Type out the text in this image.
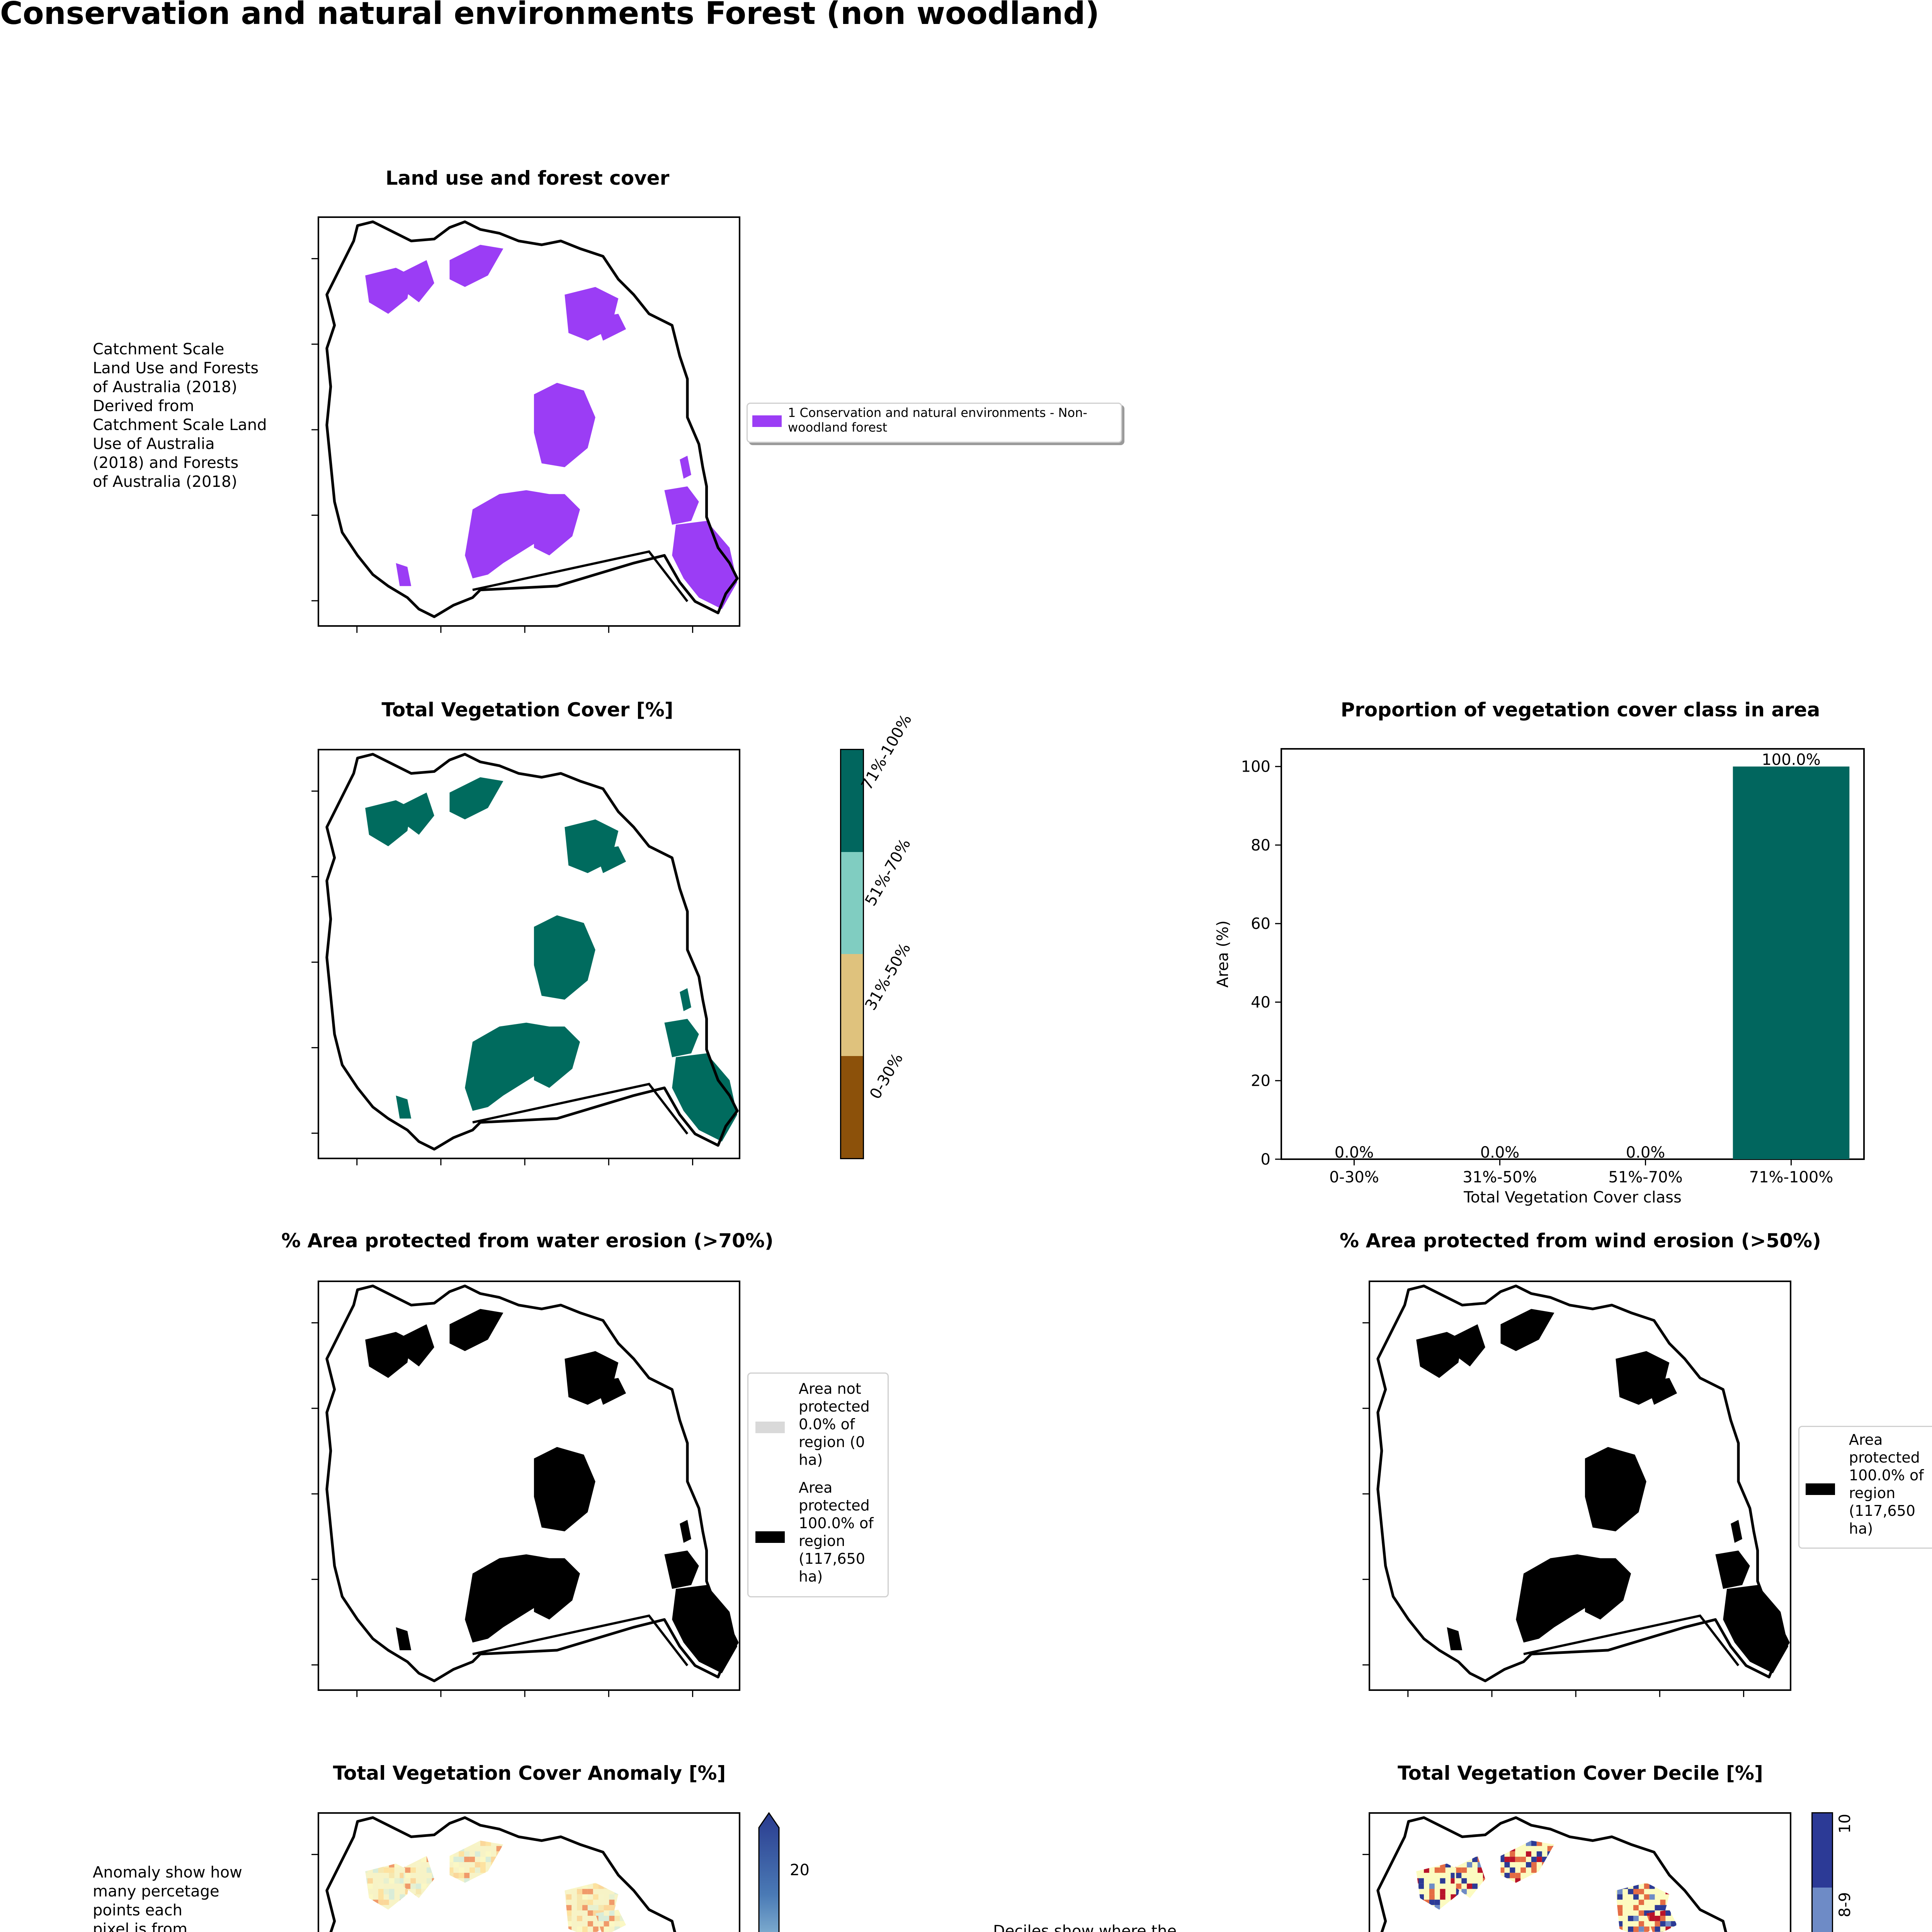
Conservation and natural environments Forest (non woodland)
Land use and forest cover
Catchment Scale
Land Use and Forests
of Australia (2018)
Derived from
Catchment Scale Land
Use of Australia
(2018) and Forests
of Australia (2018)
1 Conservation and natural environments - Non-
woodland forest
Total Vegetation Cover [%]
71%-100%
51%-70%
31%-50%
0-30%
Proportion of vegetation cover class in area
0
20
40
60
80
100
0-30%
0.0%
31%-50%
0.0%
51%-70%
0.0%
71%-100%
100.0%
Total Vegetation Cover class
Area (%)
% Area protected from water erosion (>70%)
Area not
protected
0.0% of
region (0
ha)
Area
protected
100.0% of
region
(117,650
ha)
% Area protected from wind erosion (>50%)
Area
protected
100.0% of
region
(117,650
ha)
Total Vegetation Cover Anomaly [%]
Anomaly show how
many percetage
points each
pixel is from

20
Total Vegetation Cover Decile [%]
Deciles show where the

10
8-9
